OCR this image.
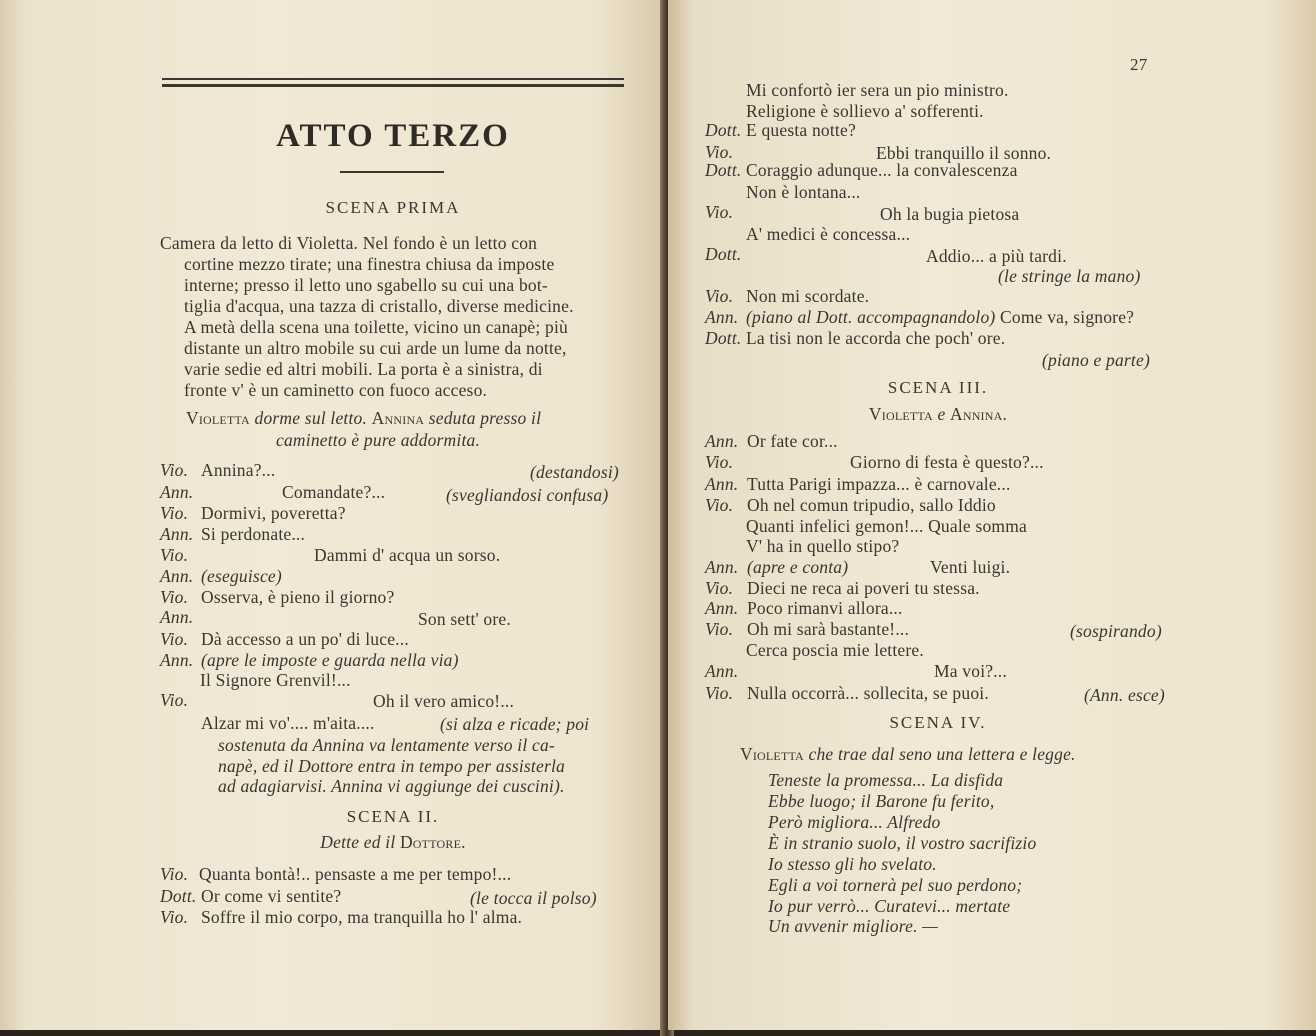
ATTO TERZO
SCENA PRIMA
Camera da letto di Violetta. Nel fondo è un letto con
cortine mezzo tirate; una finestra chiusa da imposte
interne; presso il letto uno sgabello su cui una bot-
tiglia d'acqua, una tazza di cristallo, diverse medicine.
A metà della scena una toilette, vicino un canapè; più
distante un altro mobile su cui arde un lume da notte,
varie sedie ed altri mobili. La porta è a sinistra, di
fronte v' è un caminetto con fuoco acceso.
Violetta dorme sul letto. Annina seduta presso il
caminetto è pure addormita.
Vio. Annina?...	(destandosi)
Ann.	Comandate?...	(svegliandosi confusa)
Vio. Dormivi, poveretta?
Ann. Si perdonate...
Vio.	Dammi d' acqua un sorso.
Ann. (eseguisce)
Vio. Osserva, è pieno il giorno?
Ann.	Son sett' ore.
Vio. Dà accesso a un po' di luce...
Ann. (apre le imposte e guarda nella via)
Il Signore Grenvil!...
Vio.	Oh il vero amico!...
Alzar mi vo'.... m'aita....	(si alza e ricade; poi
sostenuta da Annina va lentamente verso il ca-
napè, ed il Dottore entra in tempo per assisterla
ad adagiarvisi. Annina vi aggiunge dei cuscini).
SCENA II.
Dette ed il Dottore.
Vio. Quanta bontà!.. pensaste a me per tempo!...
Dott. Or come vi sentite?	(le tocca il polso)
Vio. Soffre il mio corpo, ma tranquilla ho l' alma.
27
Mi confortò ier sera un pio ministro.
Religione è sollievo a' sofferenti.
Dott. E questa notte?
Vio.	Ebbi tranquillo il sonno.
Dott. Coraggio adunque... la convalescenza
Non è lontana...
Vio.	Oh la bugia pietosa
A' medici è concessa...
Dott.	Addio... a più tardi.
(le stringe la mano)
Vio. Non mi scordate.
Ann. (piano al Dott. accompagnandolo) Come va, signore?
Dott. La tisi non le accorda che poch' ore.
(piano e parte)
SCENA III.
Violetta e Annina.
Ann. Or fate cor...
Vio.	Giorno di festa è questo?...
Ann. Tutta Parigi impazza... è carnovale...
Vio. Oh nel comun tripudio, sallo Iddio
Quanti infelici gemon!... Quale somma
V' ha in quello stipo?
Ann. (apre e conta)	Venti luigi.
Vio. Dieci ne reca ai poveri tu stessa.
Ann. Poco rimanvi allora...
Vio. Oh mi sarà bastante!...	(sospirando)
Cerca poscia mie lettere.
Ann.	Ma voi?...
Vio. Nulla occorrà... sollecita, se puoi.	(Ann. esce)
SCENA IV.
Violetta che trae dal seno una lettera e legge.
Teneste la promessa... La disfida
Ebbe luogo; il Barone fu ferito,
Però migliora... Alfredo
È in stranio suolo, il vostro sacrifizio
Io stesso gli ho svelato.
Egli a voi tornerà pel suo perdono;
Io pur verrò... Curatevi... mertate
Un avvenir migliore. —
